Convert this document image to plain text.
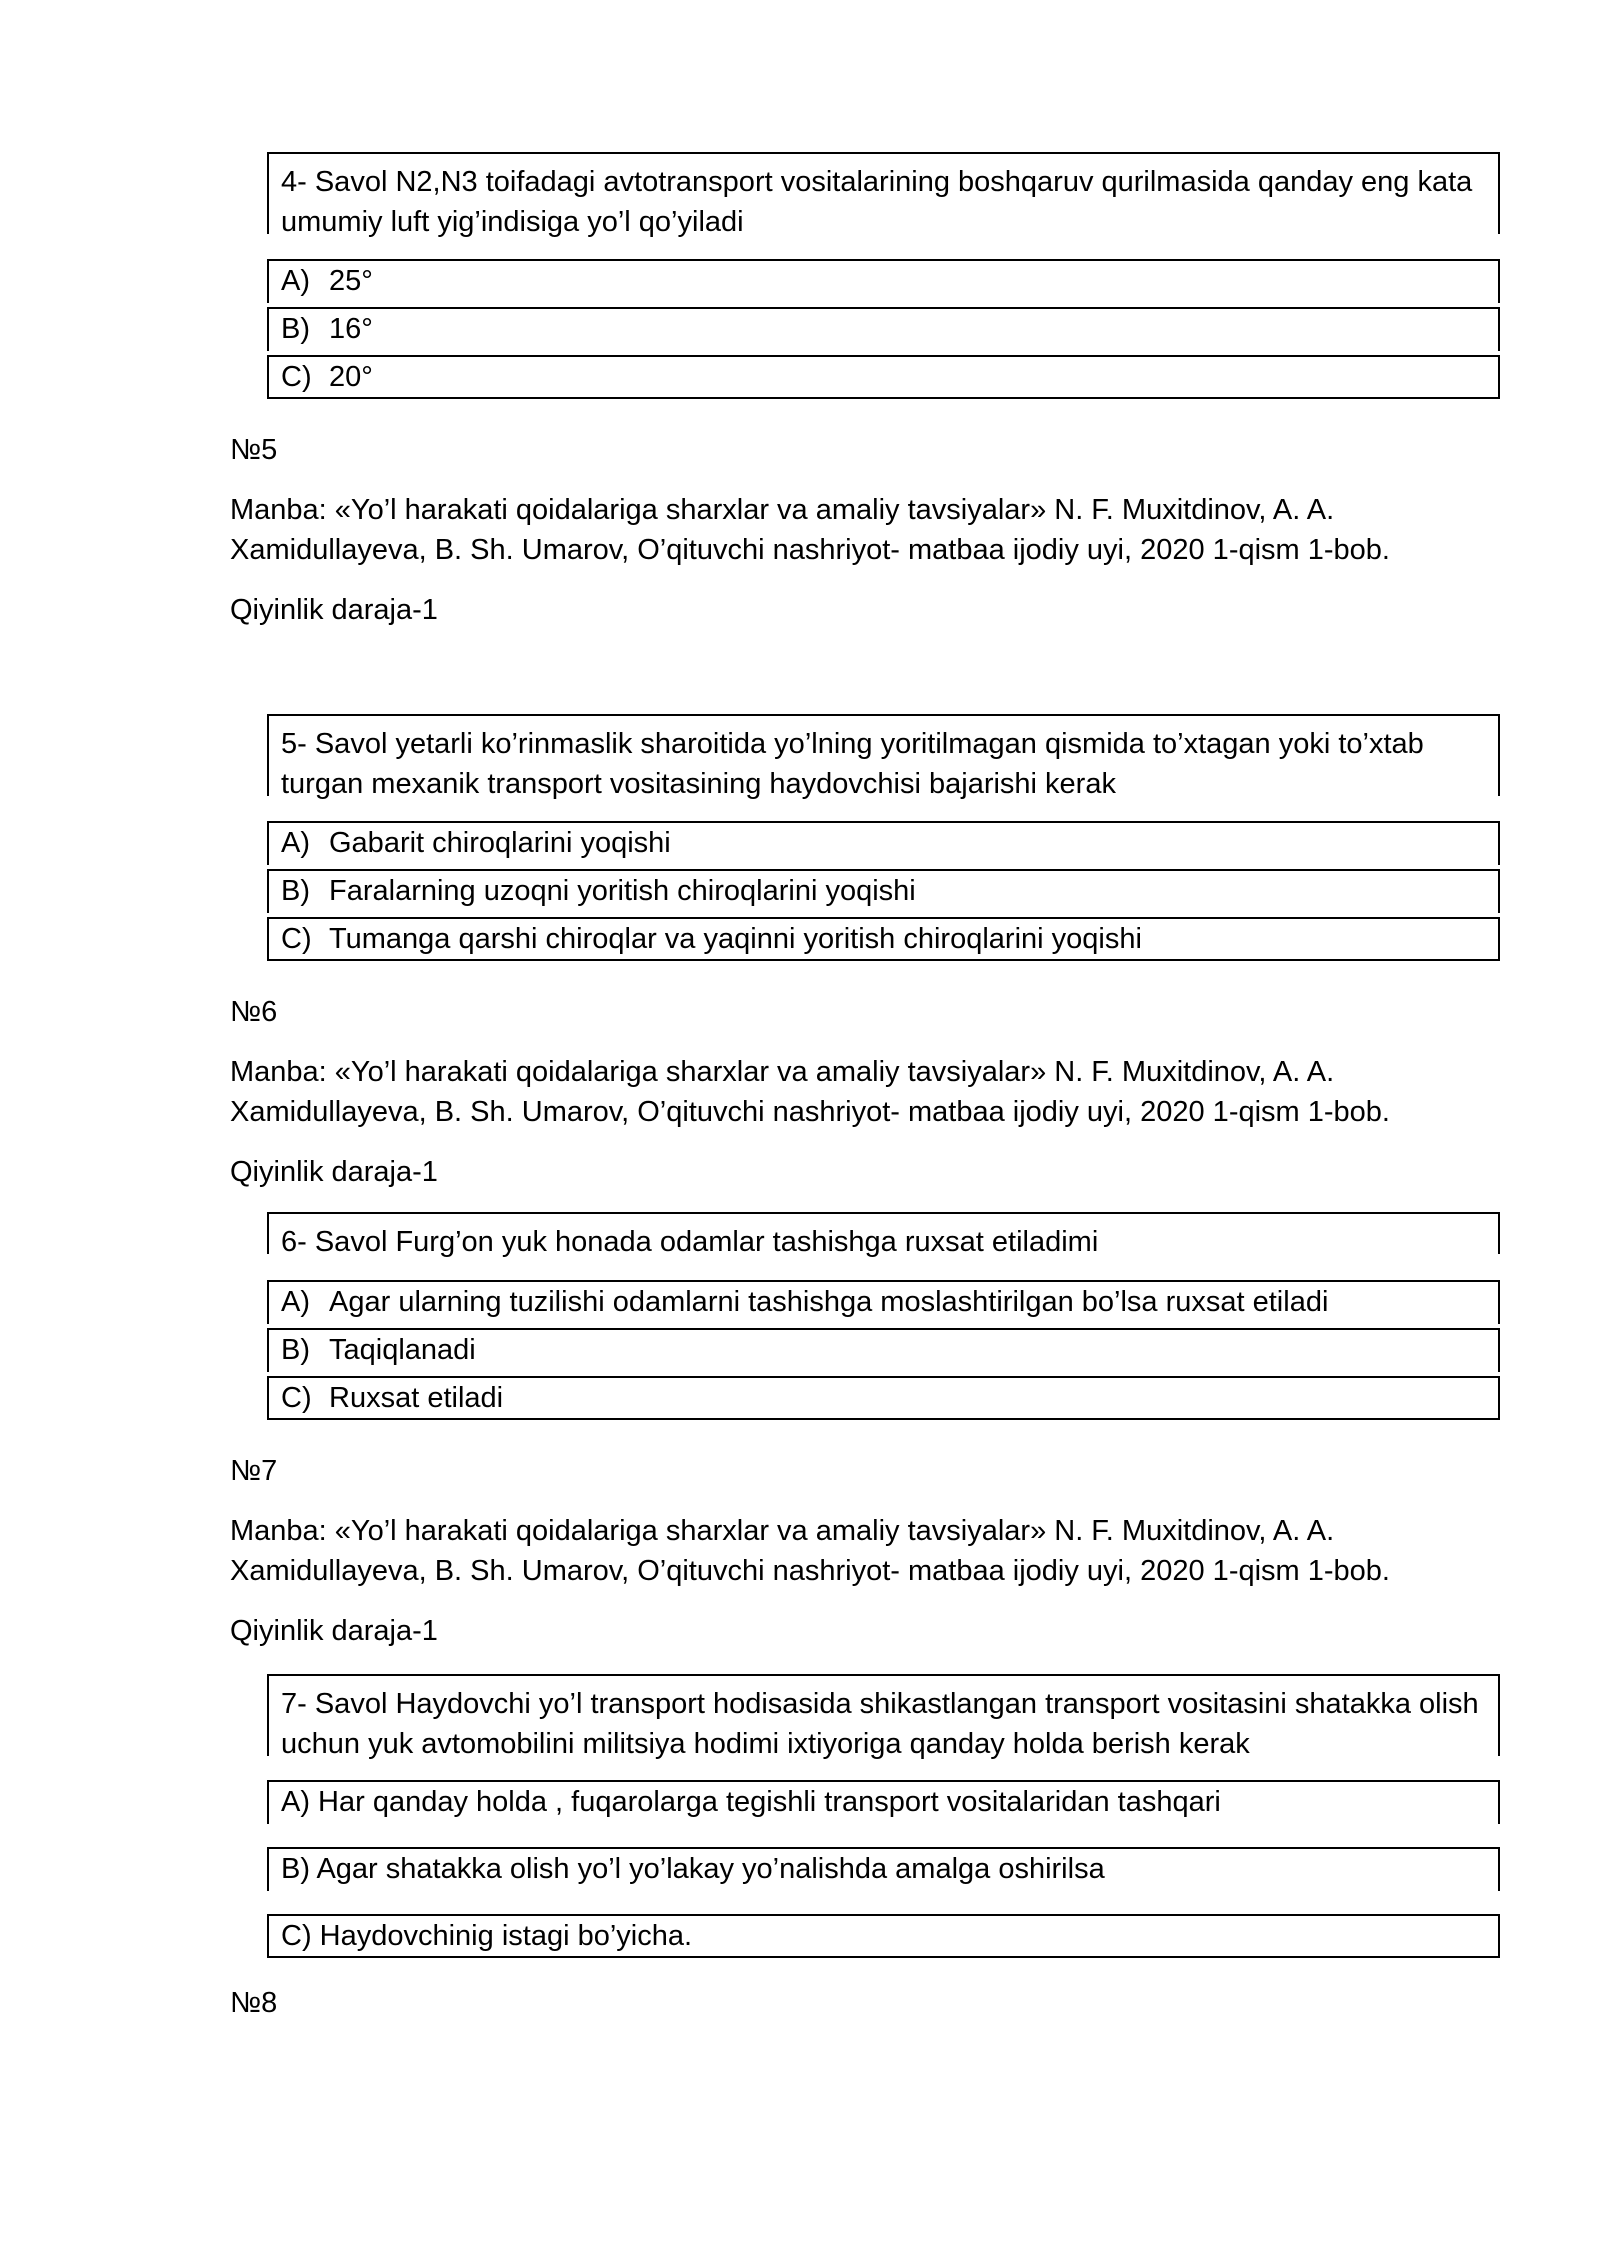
4- Savol N2,N3 toifadagi avtotransport vositalarining boshqaruv qurilmasida qanday eng kata umumiy luft yig’indisiga yo’l qo’yiladi
A) 25°
B) 16°
C) 20°
№5
Manba: «Yo’l harakati qoidalariga sharxlar va amaliy tavsiyalar» N. F. Muxitdinov, A. A. Xamidullayeva, B. Sh. Umarov, O’qituvchi nashriyot- matbaa ijodiy uyi, 2020 1-qism 1-bob.
Qiyinlik daraja-1
5- Savol yetarli ko’rinmaslik sharoitida yo’lning yoritilmagan qismida to’xtagan yoki to’xtab turgan mexanik transport vositasining haydovchisi bajarishi kerak
A) Gabarit chiroqlarini yoqishi
B) Faralarning uzoqni yoritish chiroqlarini yoqishi
C) Tumanga qarshi chiroqlar va yaqinni yoritish chiroqlarini yoqishi
№6
Manba: «Yo’l harakati qoidalariga sharxlar va amaliy tavsiyalar» N. F. Muxitdinov, A. A. Xamidullayeva, B. Sh. Umarov, O’qituvchi nashriyot- matbaa ijodiy uyi, 2020 1-qism 1-bob.
Qiyinlik daraja-1
6- Savol Furg’on yuk honada odamlar tashishga ruxsat etiladimi
A) Agar ularning tuzilishi odamlarni tashishga moslashtirilgan bo’lsa ruxsat etiladi
B) Taqiqlanadi
C) Ruxsat etiladi
№7
Manba: «Yo’l harakati qoidalariga sharxlar va amaliy tavsiyalar» N. F. Muxitdinov, A. A. Xamidullayeva, B. Sh. Umarov, O’qituvchi nashriyot- matbaa ijodiy uyi, 2020 1-qism 1-bob.
Qiyinlik daraja-1
7- Savol Haydovchi yo’l transport hodisasida shikastlangan transport vositasini shatakka olish uchun yuk avtomobilini militsiya hodimi ixtiyoriga qanday holda berish kerak
A) Har qanday holda , fuqarolarga tegishli transport vositalaridan tashqari
B) Agar shatakka olish yo’l yo’lakay yo’nalishda amalga oshirilsa
C) Haydovchinig istagi bo’yicha.
№8
